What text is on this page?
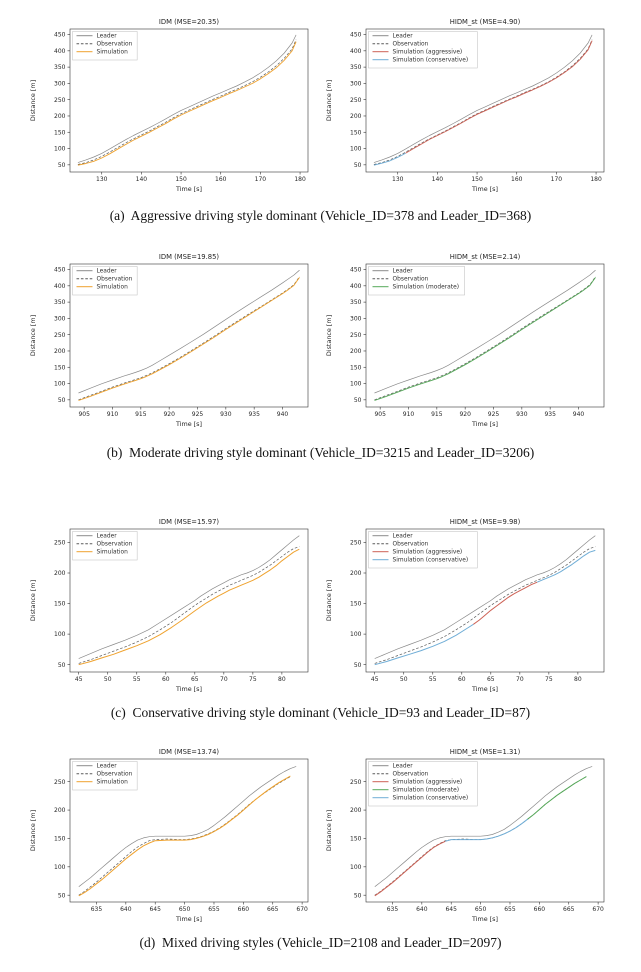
IDM (MSE=20.35)
130	140	150	160	170	180
50
100
150
200
250
300
350
400
450
Time [s]
Distance [m]
Leader
Observation
Simulation
HIDM_st (MSE=4.90)
130	140	150	160	170	180
50
100
150
200
250
300
350
400
450
Time [s]
Distance [m]
Leader
Observation
Simulation (aggressive)
Simulation (conservative)
(a)  Aggressive driving style dominant (Vehicle_ID=378 and Leader_ID=368)
IDM (MSE=19.85)
905	910	915	920	925	930	935	940
50
100
150
200
250
300
350
400
450
Time [s]
Distance [m]
Leader
Observation
Simulation
HIDM_st (MSE=2.14)
905	910	915	920	925	930	935	940
50
100
150
200
250
300
350
400
450
Time [s]
Distance [m]
Leader
Observation
Simulation (moderate)
(b)  Moderate driving style dominant (Vehicle_ID=3215 and Leader_ID=3206)
IDM (MSE=15.97)
45	50	55	60	65	70	75	80
50
100
150
200
250
Time [s]
Distance [m]
Leader
Observation
Simulation
HIDM_st (MSE=9.98)
45	50	55	60	65	70	75	80
50
100
150
200
250
Time [s]
Distance [m]
Leader
Observation
Simulation (aggressive)
Simulation (conservative)
(c)  Conservative driving style dominant (Vehicle_ID=93 and Leader_ID=87)
IDM (MSE=13.74)
635	640	645	650	655	660	665	670
50
100
150
200
250
Time [s]
Distance [m]
Leader
Observation
Simulation
HIDM_st (MSE=1.31)
635	640	645	650	655	660	665	670
50
100
150
200
250
Time [s]
Distance [m]
Leader
Observation
Simulation (aggressive)
Simulation (moderate)
Simulation (conservative)
(d)  Mixed driving styles (Vehicle_ID=2108 and Leader_ID=2097)
